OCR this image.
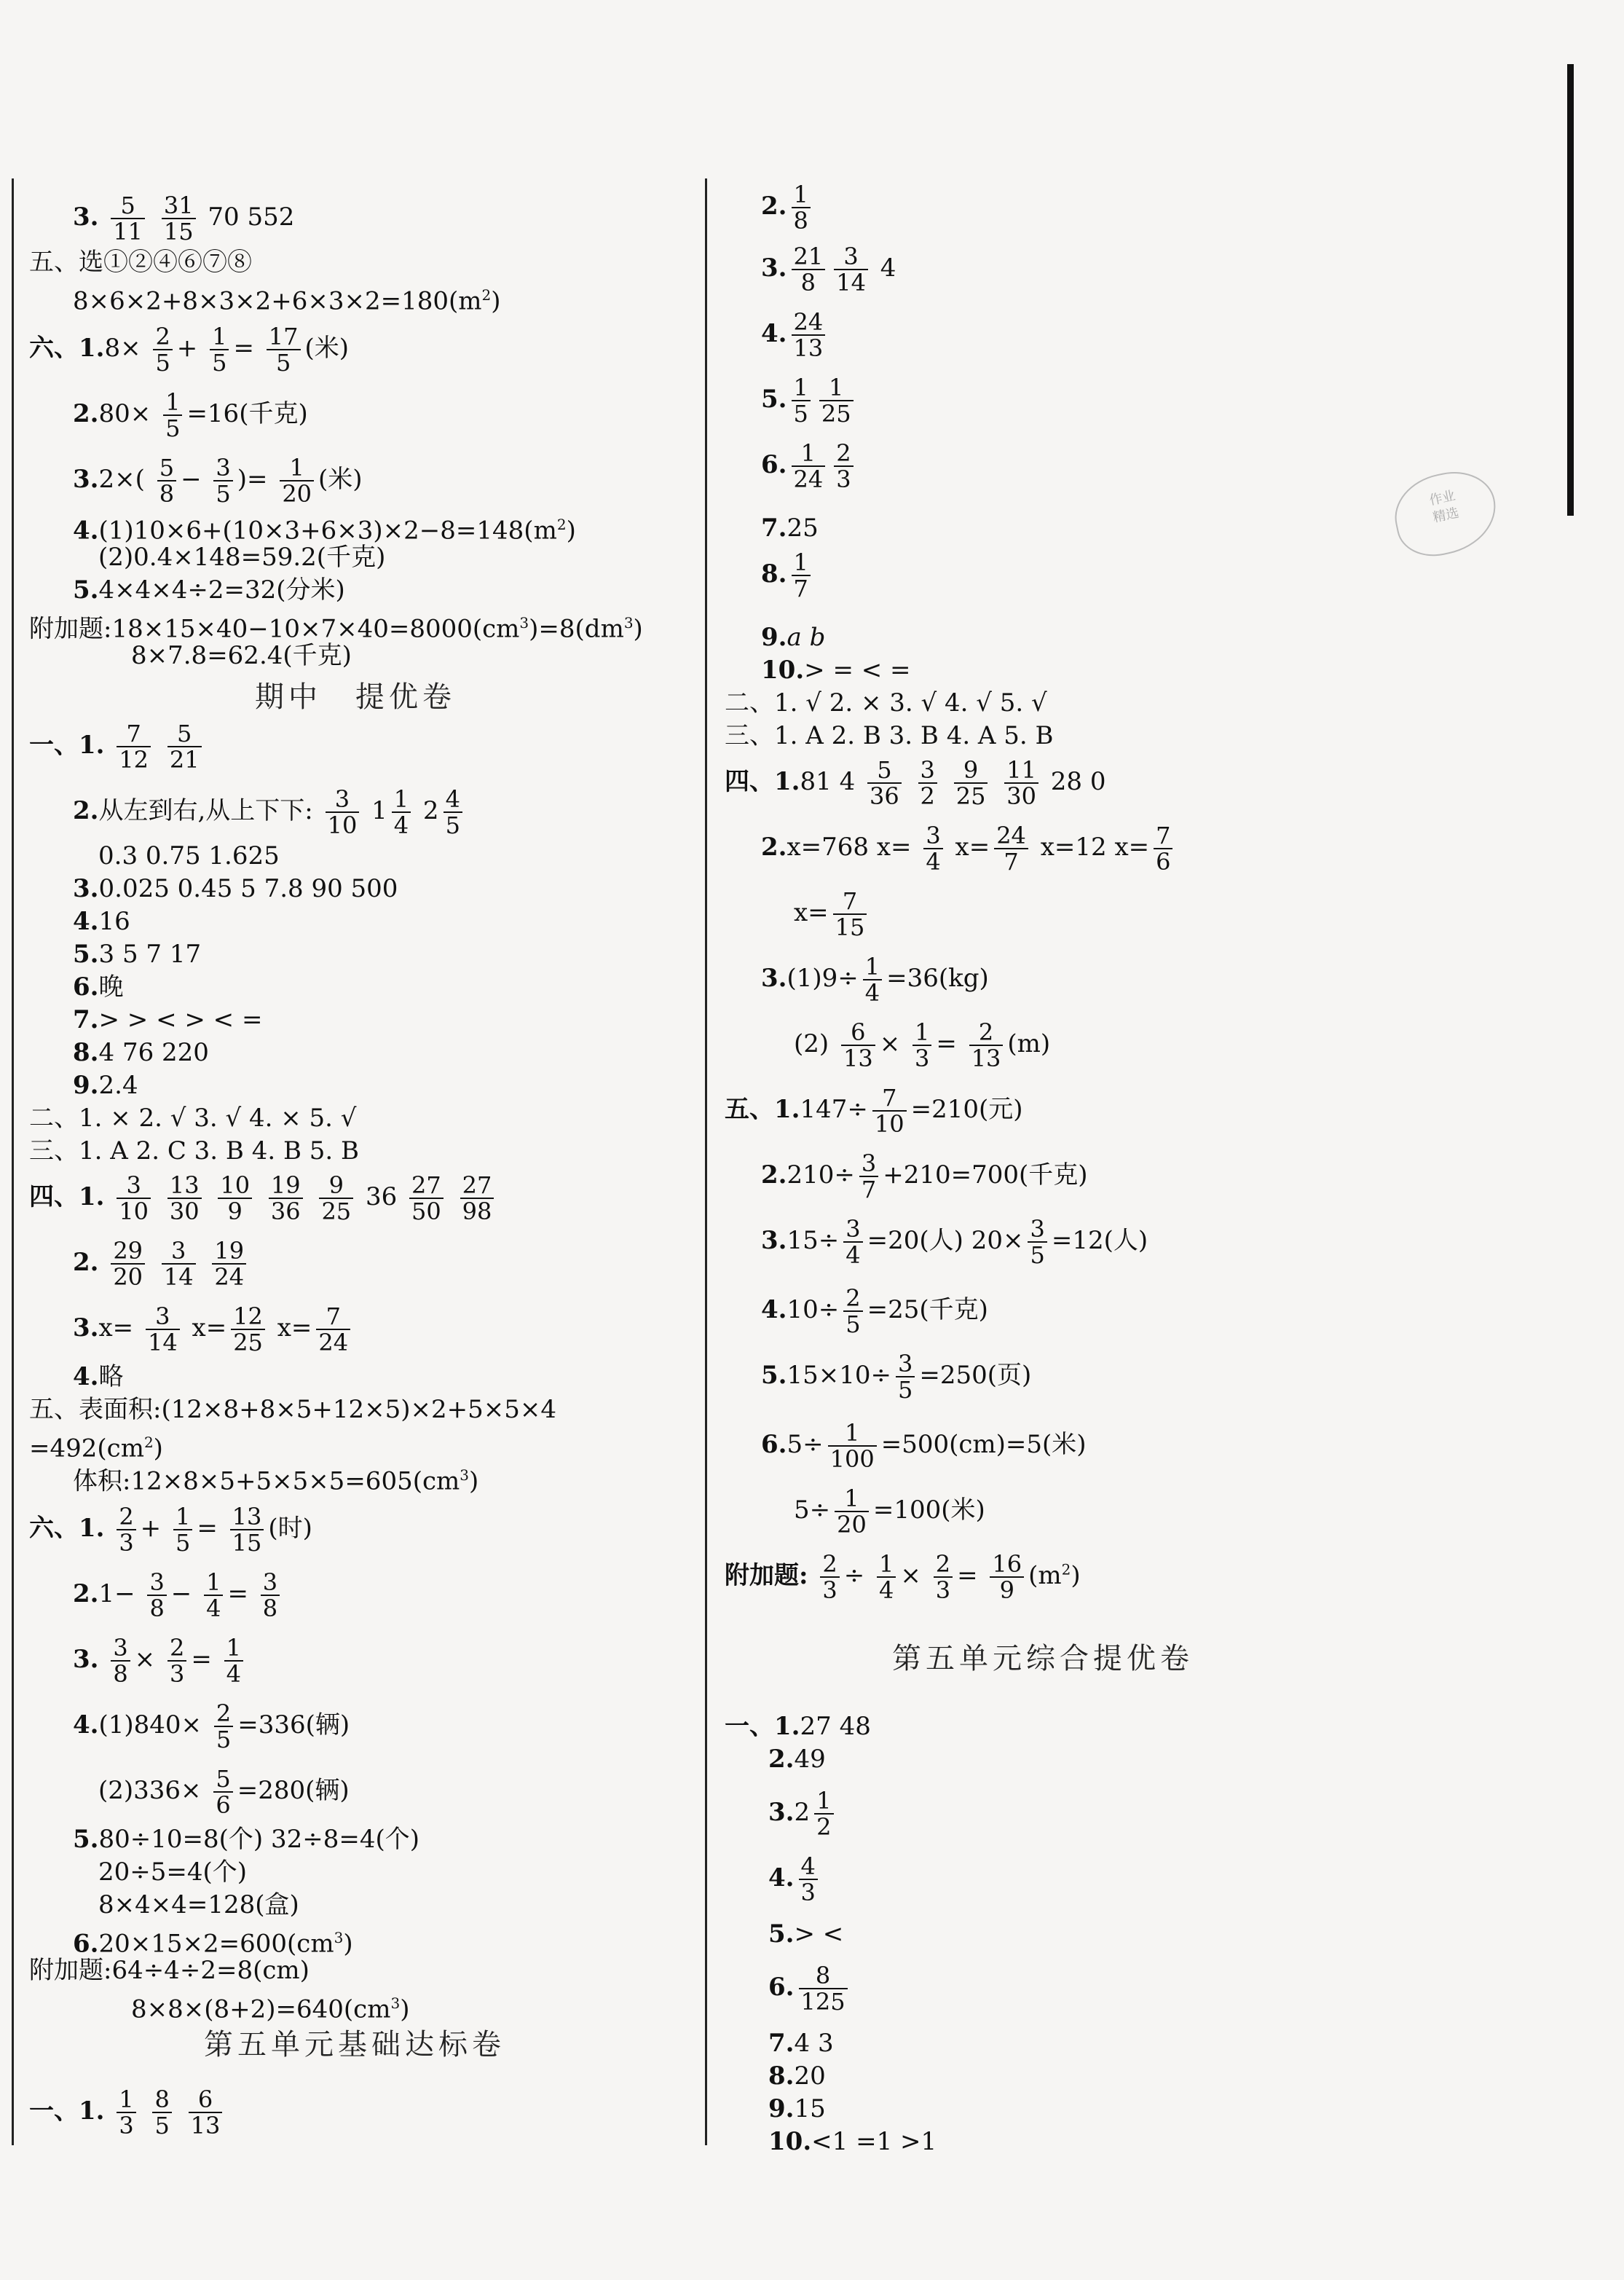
作业
精选
3. $\frac{5}{11}$
$\frac{31}{15} 70$ 552
五、选①②④⑥⑦⑧
$8\times 6\times 2+8\times 3\times 2+6\times 3\times 2=180(m^2)$
六、$1.8\times \frac{2}{5} + \frac{1}{5} = \frac{17}{5}$ (米)
$2.80\times \frac{1}{5} =16$(千克)
$3.2\times( \frac{5}{8} - \frac{3}{5}$ )= $\frac{1}{20}$ (米)
$4.(1)10\times 6+(10\times 3+6\times 3)\times 2-8=148(m^2)$
(2)0.4×148=59.2(千克)
5.4×4×4÷2=32(分米)
附加题$:18\times 15\times 40-10\times 7\times 40=8000(cm^3)=8(dm^3)$
8×7.8=62.4(千克)
期中　提优卷
一、1. $\frac{7}{12}$
$\frac{5}{21}$
2.从左到右,从上下下: $\frac{3}{10} 1 \frac{1}{4} 2 \frac{4}{5}$
0.3 0.75 1.625
3.0.025 0.45 5 7.8 90 500
4.16
5.3 5 7 17
6.晚
7.> > < > < =
8.4 76 220
9.2.4
二、1. × 2. √ 3. √ 4. × 5. √
三、1. A 2. C 3. B 4. B 5. B
四、1. $\frac{3}{10}$
$\frac{13}{30}$
$\frac{10}{9}$
$\frac{19}{36}$
$\frac{9}{25} 36 \frac{27}{50}$
$\frac{27}{98}$
2. $\frac{29}{20}$
$\frac{3}{14}$
$\frac{19}{24}$
$3.x= \frac{3}{14} x= \frac{12}{25} x= \frac{7}{24}$
4.略
五、表面积:(12×8+8×5+12×5)×2+5×5×4
$=492(cm^2)$
体积$:12\times 8\times 5+5\times 5\times 5=605(cm^3)$
六、1. $\frac{2}{3} + \frac{1}{5} = \frac{13}{15}$ (时)
$2.1- \frac{3}{8} - \frac{1}{4} = \frac{3}{8}$
3. $\frac{3}{8} \times \frac{2}{3} = \frac{1}{4}$
$4.(1)840\times \frac{2}{5} =336$(辆)
$(2)336\times \frac{5}{6} =280$(辆)
5.80÷10=8(个) 32÷8=4(个)
20÷5=4(个)
8×4×4=128(盒)
$6.20\times 15\times 2=600(cm^3)$
附加题:64÷4÷2=8(cm)
$8\times 8\times(8+2)=640(cm^3)$
第五单元基础达标卷
一、1. $\frac{1}{3}$
$\frac{8}{5}$
$\frac{6}{13}$
2. $\frac{1}{8}$
3. $\frac{21}{8} \frac{3}{14} 4$
4. $\frac{24}{13}$
5. $\frac{1}{5} \frac{1}{25}$
6. $\frac{1}{24} \frac{2}{3}$
7.25
8. $\frac{1}{7}$
9.a b
10.> = < =
二、1. √ 2. × 3. √ 4. √ 5. √
三、1. A 2. B 3. B 4. A 5. B
四、1.81 $4 \frac{5}{36}$
$\frac{3}{2}$
$\frac{9}{25}$
$\frac{11}{30} 28$ 0
2.x=768 $x= \frac{3}{4} x= \frac{24}{7} x=12$ $x= \frac{7}{6}$
$x= \frac{7}{15}$
$3.(1)9\div \frac{1}{4} =36(kg)$
$(2) \frac{6}{13} \times \frac{1}{3} = \frac{2}{13} (m)$
五、$1.147\div \frac{7}{10} =210$(元)
$2.210\div \frac{3}{7} +210=700$(千克)
$3.15\div \frac{3}{4} =20$(人) $20\times \frac{3}{5} =12$(人)
$4.10\div \frac{2}{5} =25$(千克)
$5.15\times 10\div \frac{3}{5} =250$(页)
$6.5\div \frac{1}{100} =500(cm)=5$(米)
$5\div \frac{1}{20} =100$(米)
附加题: $\frac{2}{3} \div \frac{1}{4} \times \frac{2}{3} = \frac{16}{9} (m^2)$
第五单元综合提优卷
一、1.27 48
2.49
$3.2 \frac{1}{2}$
4. $\frac{4}{3}$
5.> <
6. $\frac{8}{125}$
7.4 3
8.20
9.15
10.<1 =1 >1
